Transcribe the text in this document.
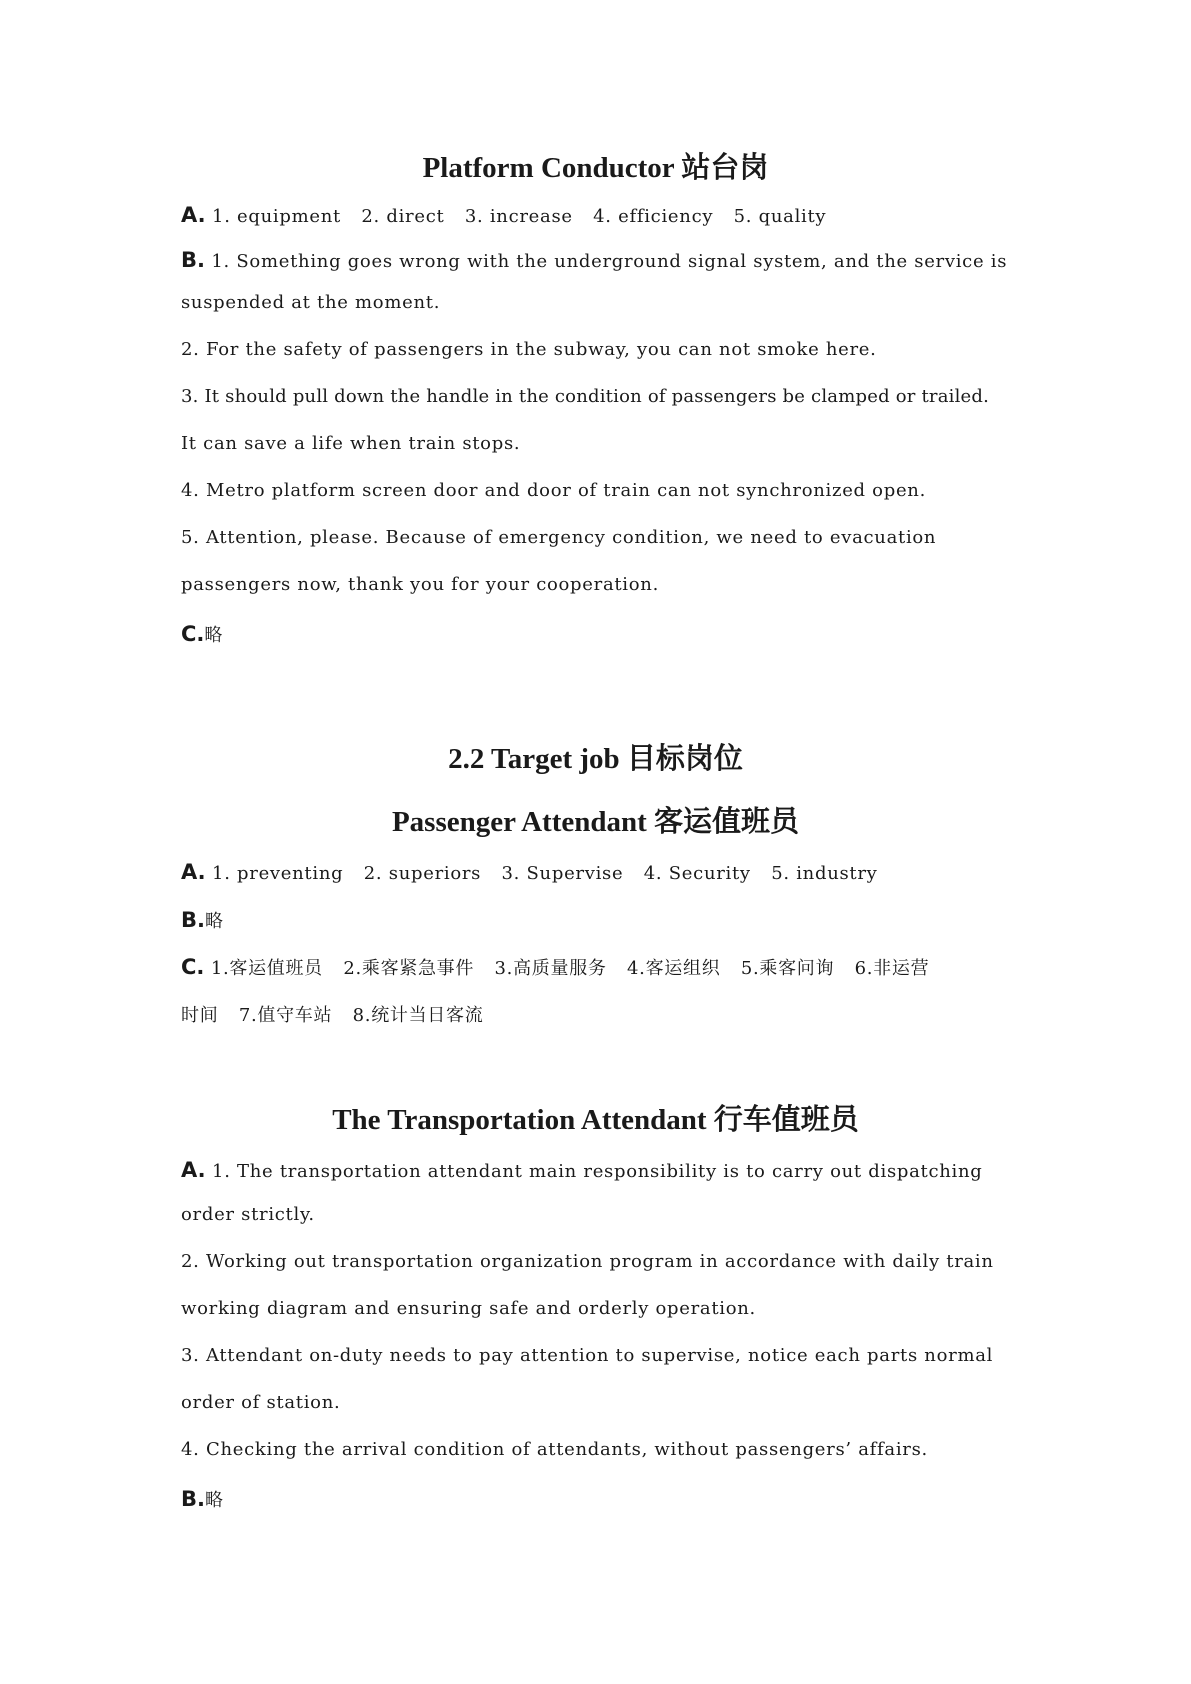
Platform Conductor 站台岗
A. 1. equipment 2. direct 3. increase 4. efficiency 5. quality
B. 1. Something goes wrong with the underground signal system, and the service is
suspended at the moment.
2. For the safety of passengers in the subway, you can not smoke here.
3. It should pull down the handle in the condition of passengers be clamped or trailed.
It can save a life when train stops.
4. Metro platform screen door and door of train can not synchronized open.
5. Attention, please. Because of emergency condition, we need to evacuation
passengers now, thank you for your cooperation.
C.略
2.2 Target job 目标岗位
Passenger Attendant 客运值班员
A. 1. preventing 2. superiors 3. Supervise 4. Security 5. industry
B.略
C. 1.客运值班员 2.乘客紧急事件 3.高质量服务 4.客运组织 5.乘客问询 6.非运营
时间 7.值守车站 8.统计当日客流
The Transportation Attendant 行车值班员
A. 1. The transportation attendant main responsibility is to carry out dispatching
order strictly.
2. Working out transportation organization program in accordance with daily train
working diagram and ensuring safe and orderly operation.
3. Attendant on-duty needs to pay attention to supervise, notice each parts normal
order of station.
4. Checking the arrival condition of attendants, without passengers’ affairs.
B.略
